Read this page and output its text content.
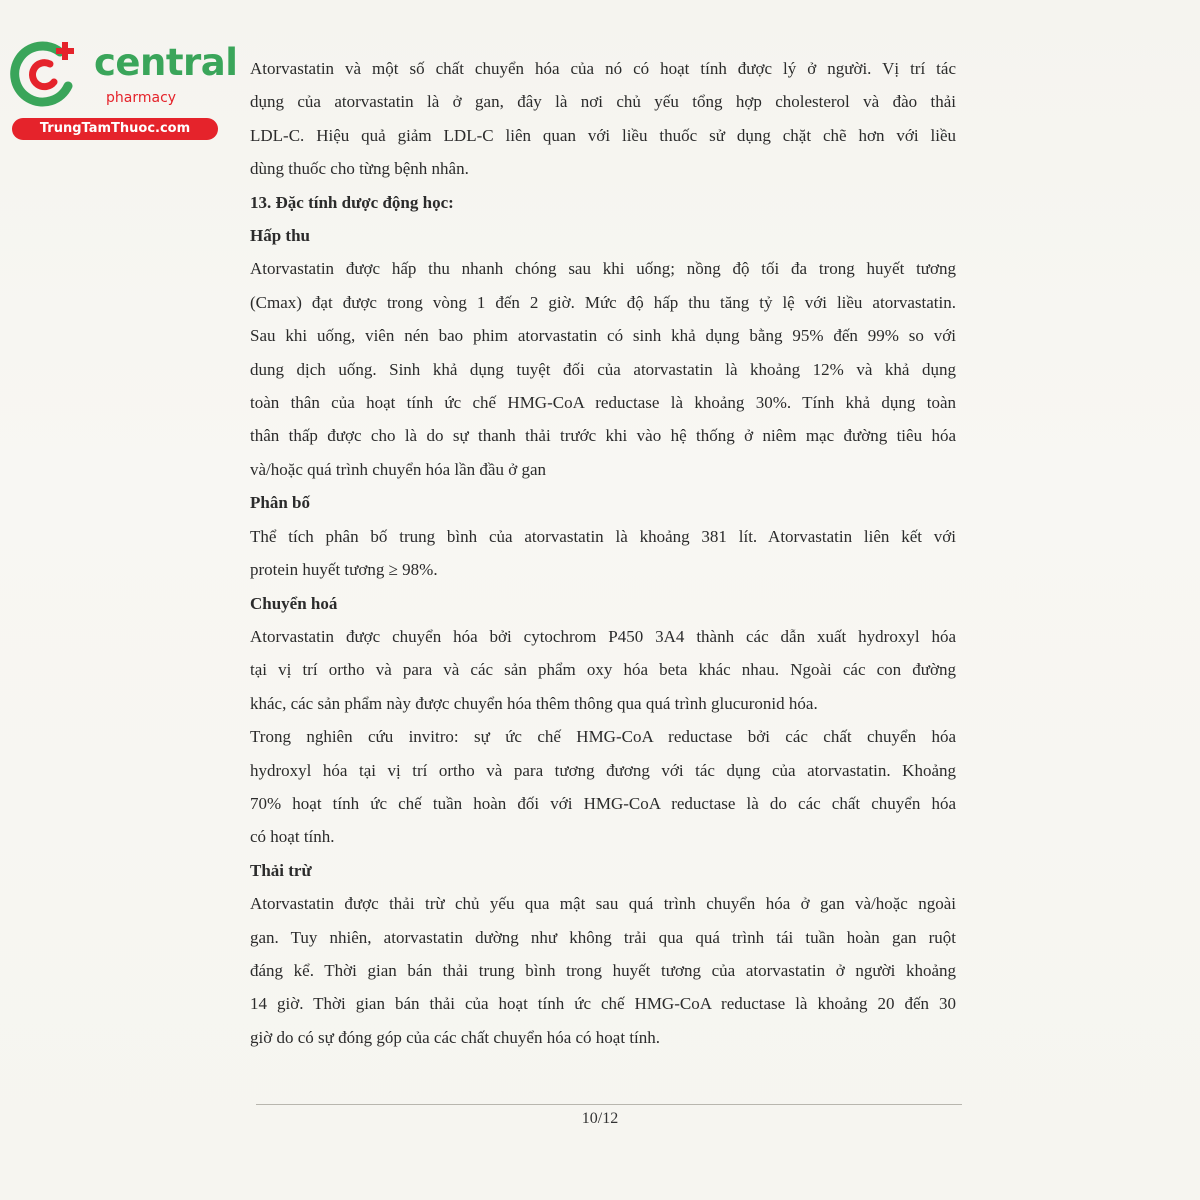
central
pharmacy
TrungTamThuoc.com
Atorvastatin và một số chất chuyển hóa của nó có hoạt tính được lý ở người. Vị trí tác
dụng của atorvastatin là ở gan, đây là nơi chủ yếu tổng hợp cholesterol và đào thải
LDL-C. Hiệu quả giảm LDL-C liên quan với liều thuốc sử dụng chặt chẽ hơn với liều
dùng thuốc cho từng bệnh nhân.
13. Đặc tính dược động học:
Hấp thu
Atorvastatin được hấp thu nhanh chóng sau khi uống; nồng độ tối đa trong huyết tương
(Cmax) đạt được trong vòng 1 đến 2 giờ. Mức độ hấp thu tăng tỷ lệ với liều atorvastatin.
Sau khi uống, viên nén bao phim atorvastatin có sinh khả dụng bằng 95% đến 99% so với
dung dịch uống. Sinh khả dụng tuyệt đối của atorvastatin là khoảng 12% và khả dụng
toàn thân của hoạt tính ức chế HMG-CoA reductase là khoảng 30%. Tính khả dụng toàn
thân thấp được cho là do sự thanh thải trước khi vào hệ thống ở niêm mạc đường tiêu hóa
và/hoặc quá trình chuyển hóa lần đầu ở gan
Phân bố
Thể tích phân bố trung bình của atorvastatin là khoảng 381 lít. Atorvastatin liên kết với
protein huyết tương ≥ 98%.
Chuyển hoá
Atorvastatin được chuyển hóa bởi cytochrom P450 3A4 thành các dẫn xuất hydroxyl hóa
tại vị trí ortho và para và các sản phẩm oxy hóa beta khác nhau. Ngoài các con đường
khác, các sản phẩm này được chuyển hóa thêm thông qua quá trình glucuronid hóa.
Trong nghiên cứu invitro: sự ức chế HMG-CoA reductase bởi các chất chuyển hóa
hydroxyl hóa tại vị trí ortho và para tương đương với tác dụng của atorvastatin. Khoảng
70% hoạt tính ức chế tuần hoàn đối với HMG-CoA reductase là do các chất chuyển hóa
có hoạt tính.
Thải trừ
Atorvastatin được thải trừ chủ yếu qua mật sau quá trình chuyển hóa ở gan và/hoặc ngoài
gan. Tuy nhiên, atorvastatin dường như không trải qua quá trình tái tuần hoàn gan ruột
đáng kể. Thời gian bán thải trung bình trong huyết tương của atorvastatin ở người khoảng
14 giờ. Thời gian bán thải của hoạt tính ức chế HMG-CoA reductase là khoảng 20 đến 30
giờ do có sự đóng góp của các chất chuyển hóa có hoạt tính.
10/12
